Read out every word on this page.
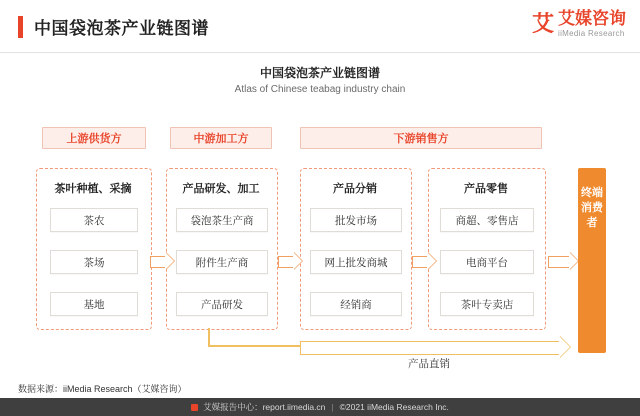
中国袋泡茶产业链图谱	艾 艾媒咨询
iiMedia Research
中国袋泡茶产业链图谱
Atlas of Chinese teabag industry chain
上游供货方	中游加工方	下游销售方
茶叶种植、采摘	产品研发、加工	产品分销	产品零售
茶农
茶场
基地
袋泡茶生产商
附件生产商
产品研发
批发市场
网上批发商城
经销商
商超、零售店
电商平台
茶叶专卖店
终端消费者
产品直销
数据来源：iiMedia Research（艾媒咨询）
艾媒报告中心：report.iimedia.cn | ©2021 iiMedia Research Inc.
